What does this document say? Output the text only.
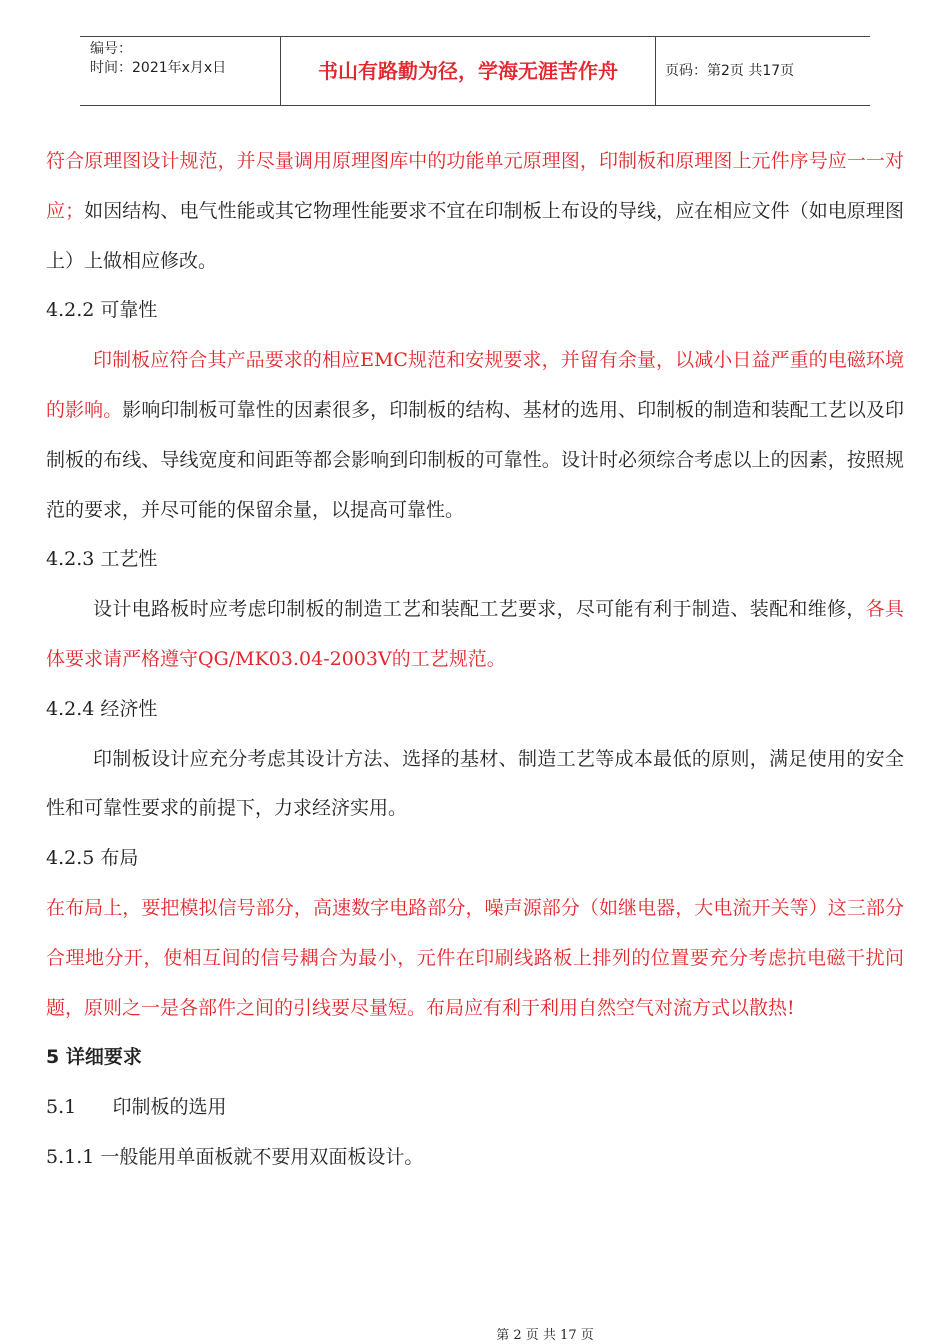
编号：
时间：2021年x月x日	书山有路勤为径，学海无涯苦作舟	页码：第2页 共17页

符合原理图设计规范，并尽量调用原理图库中的功能单元原理图，印制板和原理图上元件序号应一一对应；如因结构、电气性能或其它物理性能要求不宜在印制板上布设的导线，应在相应文件（如电原理图上）上做相应修改。

4.2.2 可靠性

印制板应符合其产品要求的相应EMC规范和安规要求，并留有余量，以减小日益严重的电磁环境的影响。影响印制板可靠性的因素很多，印制板的结构、基材的选用、印制板的制造和装配工艺以及印制板的布线、导线宽度和间距等都会影响到印制板的可靠性。设计时必须综合考虑以上的因素，按照规范的要求，并尽可能的保留余量，以提高可靠性。

4.2.3 工艺性

设计电路板时应考虑印制板的制造工艺和装配工艺要求，尽可能有利于制造、装配和维修，各具体要求请严格遵守QG/MK03.04-2003V的工艺规范。

4.2.4 经济性

印制板设计应充分考虑其设计方法、选择的基材、制造工艺等成本最低的原则，满足使用的安全性和可靠性要求的前提下，力求经济实用。

4.2.5 布局

在布局上，要把模拟信号部分，高速数字电路部分，噪声源部分（如继电器，大电流开关等）这三部分合理地分开，使相互间的信号耦合为最小，元件在印刷线路板上排列的位置要充分考虑抗电磁干扰问题，原则之一是各部件之间的引线要尽量短。布局应有利于利用自然空气对流方式以散热!

5 详细要求

5.1      印制板的选用

5.1.1 一般能用单面板就不要用双面板设计。

第 2 页 共 17 页
